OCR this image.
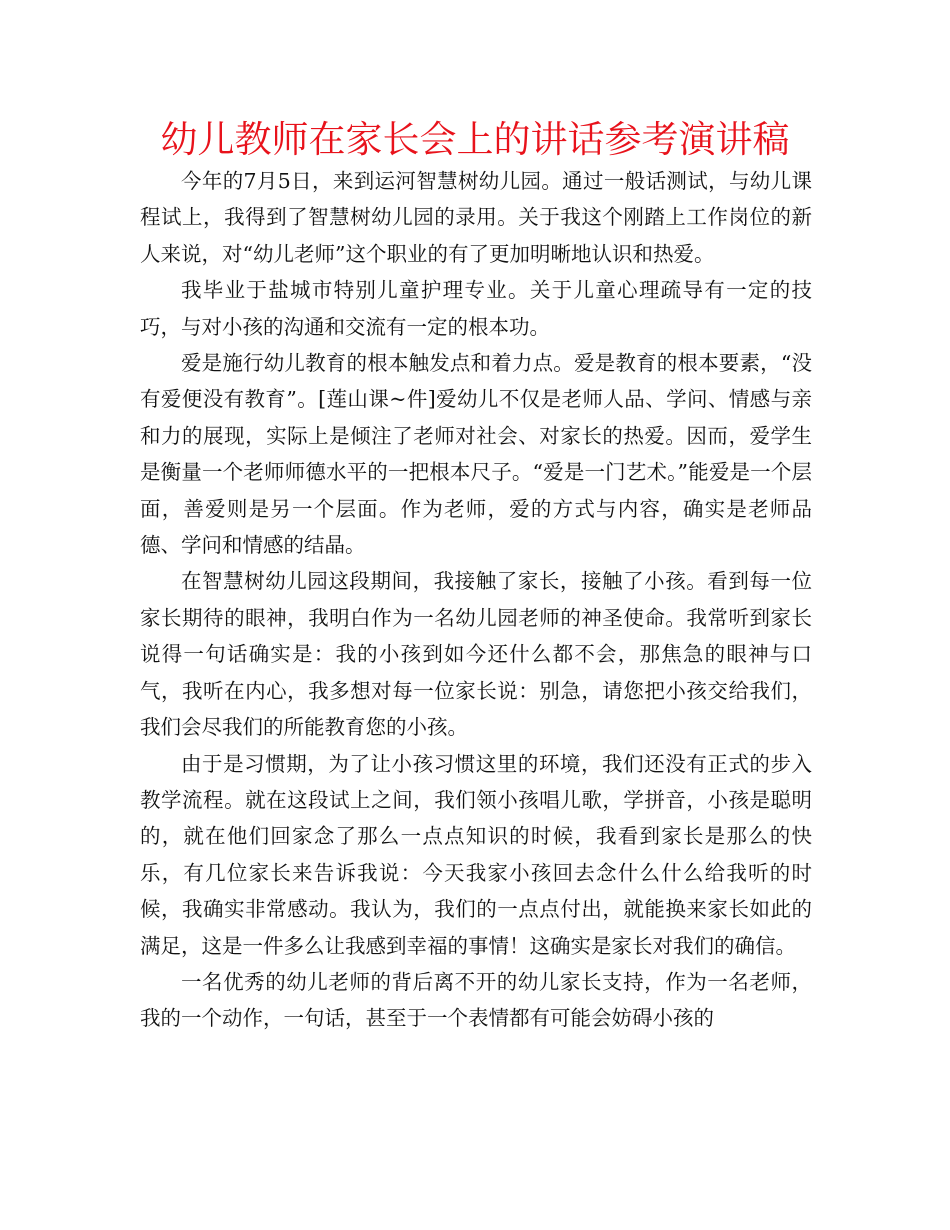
幼儿教师在家长会上的讲话参考演讲稿

今年的7月5日，来到运河智慧树幼儿园。通过一般话测试，与幼儿课程试上，我得到了智慧树幼儿园的录用。关于我这个刚踏上工作岗位的新人来说，对“幼儿老师”这个职业的有了更加明晰地认识和热爱。

我毕业于盐城市特别儿童护理专业。关于儿童心理疏导有一定的技巧，与对小孩的沟通和交流有一定的根本功。

爱是施行幼儿教育的根本触发点和着力点。爱是教育的根本要素，“没有爱便没有教育”。[莲山课~件]爱幼儿不仅是老师人品、学问、情感与亲和力的展现，实际上是倾注了老师对社会、对家长的热爱。因而，爱学生是衡量一个老师师德水平的一把根本尺子。“爱是一门艺术。”能爱是一个层面，善爱则是另一个层面。作为老师，爱的方式与内容，确实是老师品德、学问和情感的结晶。

在智慧树幼儿园这段期间，我接触了家长，接触了小孩。看到每一位家长期待的眼神，我明白作为一名幼儿园老师的神圣使命。我常听到家长说得一句话确实是：我的小孩到如今还什么都不会，那焦急的眼神与口气，我听在内心，我多想对每一位家长说：别急，请您把小孩交给我们，我们会尽我们的所能教育您的小孩。

由于是习惯期，为了让小孩习惯这里的环境，我们还没有正式的步入教学流程。就在这段试上之间，我们领小孩唱儿歌，学拼音，小孩是聪明的，就在他们回家念了那么一点点知识的时候，我看到家长是那么的快乐，有几位家长来告诉我说：今天我家小孩回去念什么什么给我听的时候，我确实非常感动。我认为，我们的一点点付出，就能换来家长如此的满足，这是一件多么让我感到幸福的事情！这确实是家长对我们的确信。

一名优秀的幼儿老师的背后离不开的幼儿家长支持，作为一名老师，我的一个动作，一句话，甚至于一个表情都有可能会妨碍小孩的
